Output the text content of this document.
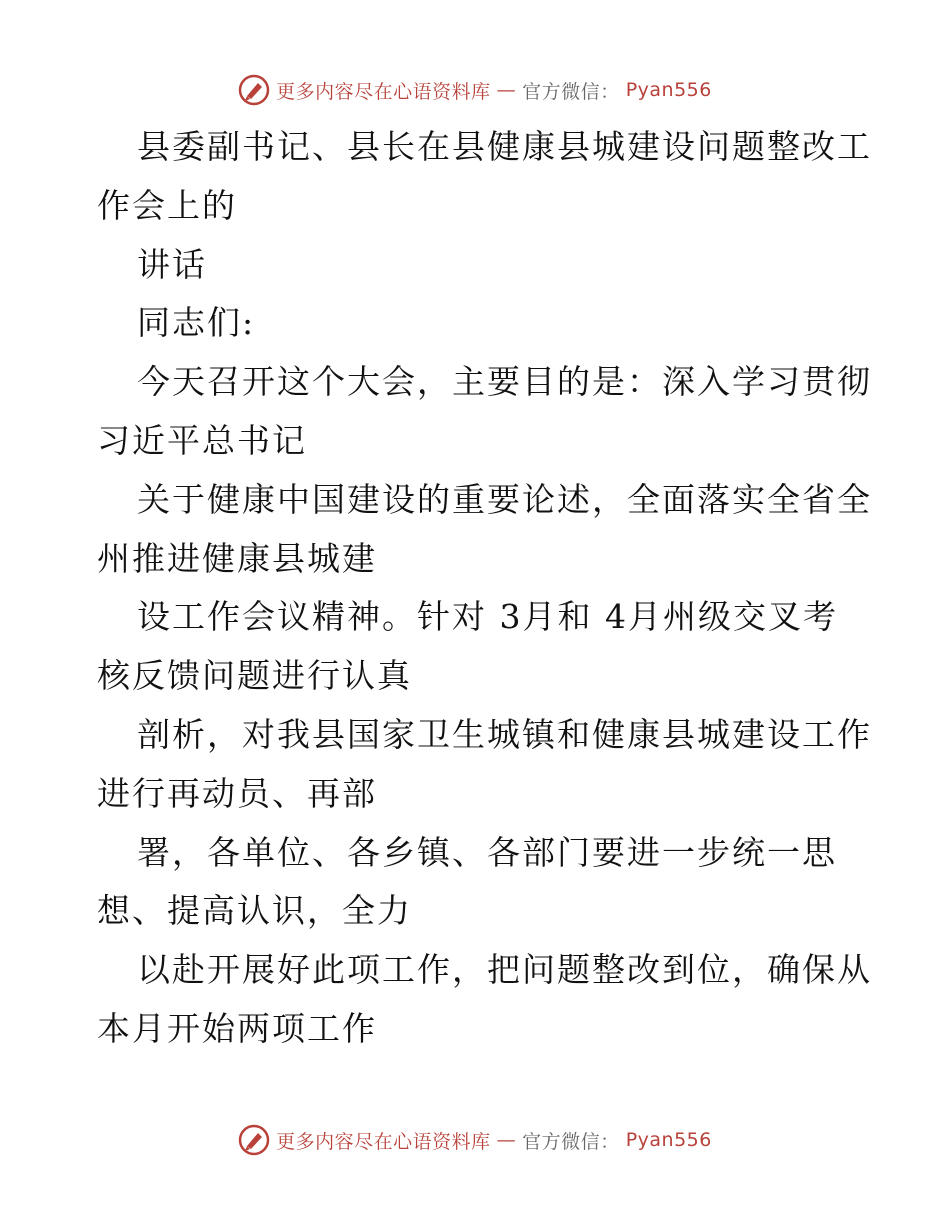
更多内容尽在心语资料库 — 官方微信： Pyan556
县委副书记、县长在县健康县城建设问题整改工
作会上的
讲话
同志们:
今天召开这个大会，主要目的是：深入学习贯彻
习近平总书记
关于健康中国建设的重要论述，全面落实全省全
州推进健康县城建
设工作会议精神。针对 3月和 4月州级交叉考
核反馈问题进行认真
剖析，对我县国家卫生城镇和健康县城建设工作
进行再动员、再部
署，各单位、各乡镇、各部门要进一步统一思
想、提高认识，全力
以赴开展好此项工作，把问题整改到位，确保从
本月开始两项工作
更多内容尽在心语资料库 — 官方微信： Pyan556
